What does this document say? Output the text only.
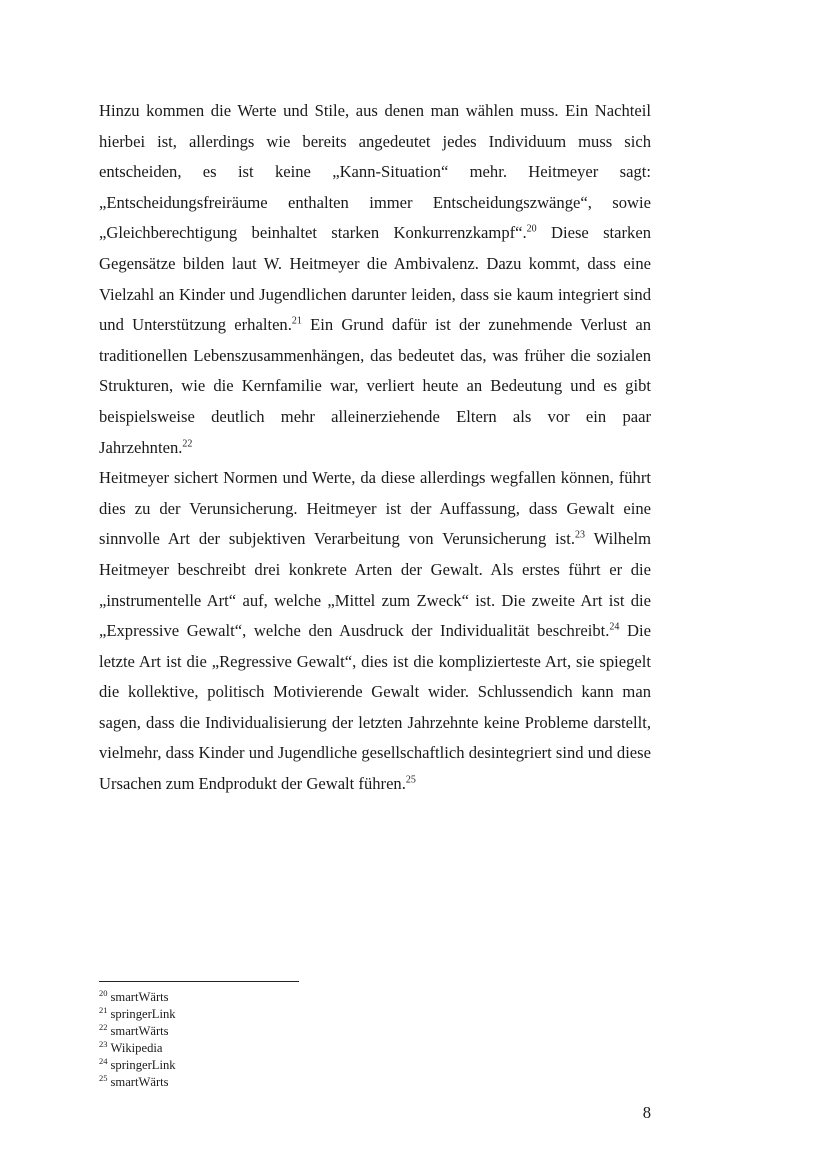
Hinzu kommen die Werte und Stile, aus denen man wählen muss. Ein Nachteil hierbei ist, allerdings wie bereits angedeutet jedes Individuum muss sich entscheiden, es ist keine „Kann-Situation“ mehr. Heitmeyer sagt: „Entscheidungsfreiräume enthalten immer Entscheidungszwänge“, sowie „Gleichberechtigung beinhaltet starken Konkurrenzkampf“.$^{20}$ Diese starken Gegensätze bilden laut W. Heitmeyer die Ambivalenz. Dazu kommt, dass eine Vielzahl an Kinder und Jugendlichen darunter leiden, dass sie kaum integriert sind und Unterstützung erhalten.$^{21}$ Ein Grund dafür ist der zunehmende Verlust an traditionellen Lebenszusammenhängen, das bedeutet das, was früher die sozialen Strukturen, wie die Kernfamilie war, verliert heute an Bedeutung und es gibt beispielsweise deutlich mehr alleinerziehende Eltern als vor ein paar Jahrzehnten.$^{22}$

Heitmeyer sichert Normen und Werte, da diese allerdings wegfallen können, führt dies zu der Verunsicherung. Heitmeyer ist der Auffassung, dass Gewalt eine sinnvolle Art der subjektiven Verarbeitung von Verunsicherung ist.$^{23}$ Wilhelm Heitmeyer beschreibt drei konkrete Arten der Gewalt. Als erstes führt er die „instrumentelle Art“ auf, welche „Mittel zum Zweck“ ist. Die zweite Art ist die „Expressive Gewalt“, welche den Ausdruck der Individualität beschreibt.$^{24}$ Die letzte Art ist die „Regressive Gewalt“, dies ist die komplizierteste Art, sie spiegelt die kollektive, politisch Motivierende Gewalt wider. Schlussendich kann man sagen, dass die Individualisierung der letzten Jahrzehnte keine Probleme darstellt, vielmehr, dass Kinder und Jugendliche gesellschaftlich desintegriert sind und diese Ursachen zum Endprodukt der Gewalt führen.$^{25}$

$^{20}$ smartWärts

$^{21}$ springerLink

$^{22}$ smartWärts

$^{23}$ Wikipedia

$^{24}$ springerLink

$^{25}$ smartWärts

8
